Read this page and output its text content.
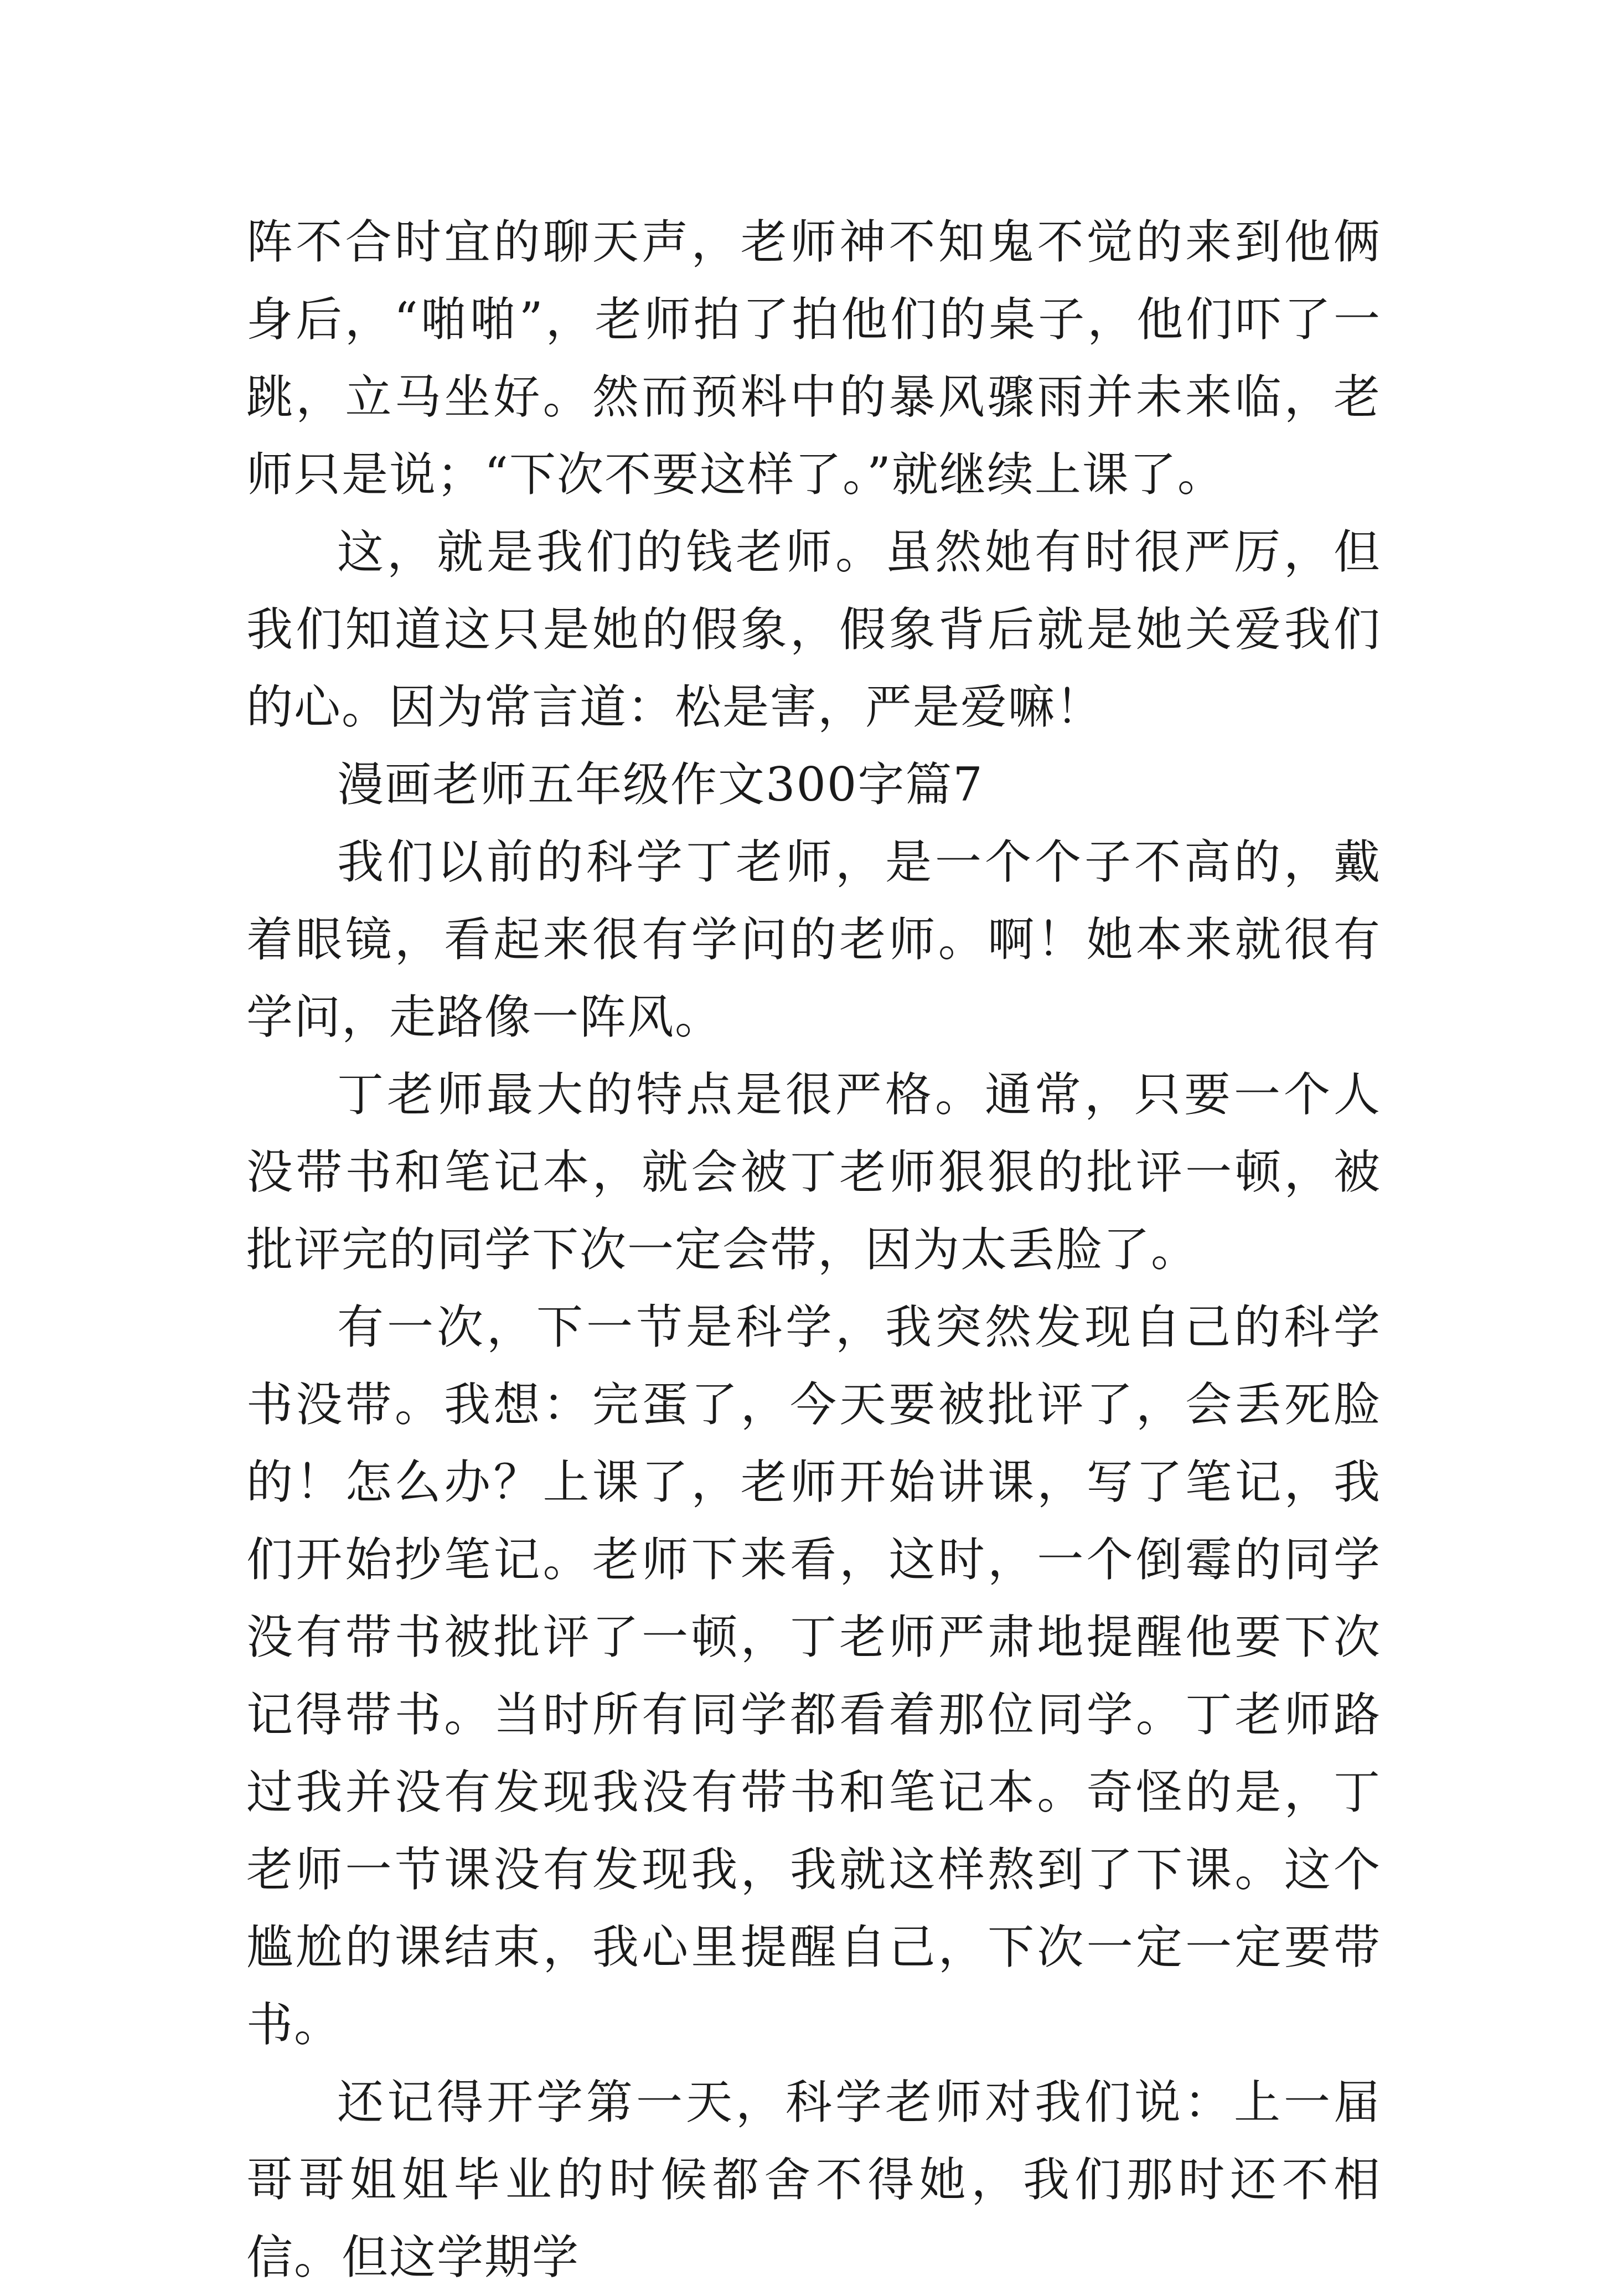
阵不合时宜的聊天声，老师神不知鬼不觉的来到他俩身后，“啪啪”，老师拍了拍他们的桌子，他们吓了一跳，立马坐好。然而预料中的暴风骤雨并未来临，老师只是说；“下次不要这样了。”就继续上课了。

这，就是我们的钱老师。虽然她有时很严厉，但我们知道这只是她的假象，假象背后就是她关爱我们的心。因为常言道：松是害，严是爱嘛！

漫画老师五年级作文300字篇7

我们以前的科学丁老师，是一个个子不高的，戴着眼镜，看起来很有学问的老师。啊！她本来就很有学问，走路像一阵风。

丁老师最大的特点是很严格。通常，只要一个人没带书和笔记本，就会被丁老师狠狠的批评一顿，被批评完的同学下次一定会带，因为太丢脸了。

有一次，下一节是科学，我突然发现自己的科学书没带。我想：完蛋了，今天要被批评了，会丢死脸的！怎么办？上课了，老师开始讲课，写了笔记，我们开始抄笔记。老师下来看，这时，一个倒霉的同学没有带书被批评了一顿，丁老师严肃地提醒他要下次记得带书。当时所有同学都看着那位同学。丁老师路过我并没有发现我没有带书和笔记本。奇怪的是，丁老师一节课没有发现我，我就这样熬到了下课。这个尴尬的课结束，我心里提醒自己，下次一定一定要带书。

还记得开学第一天，科学老师对我们说：上一届哥哥姐姐毕业的时候都舍不得她，我们那时还不相信。但这学期学
